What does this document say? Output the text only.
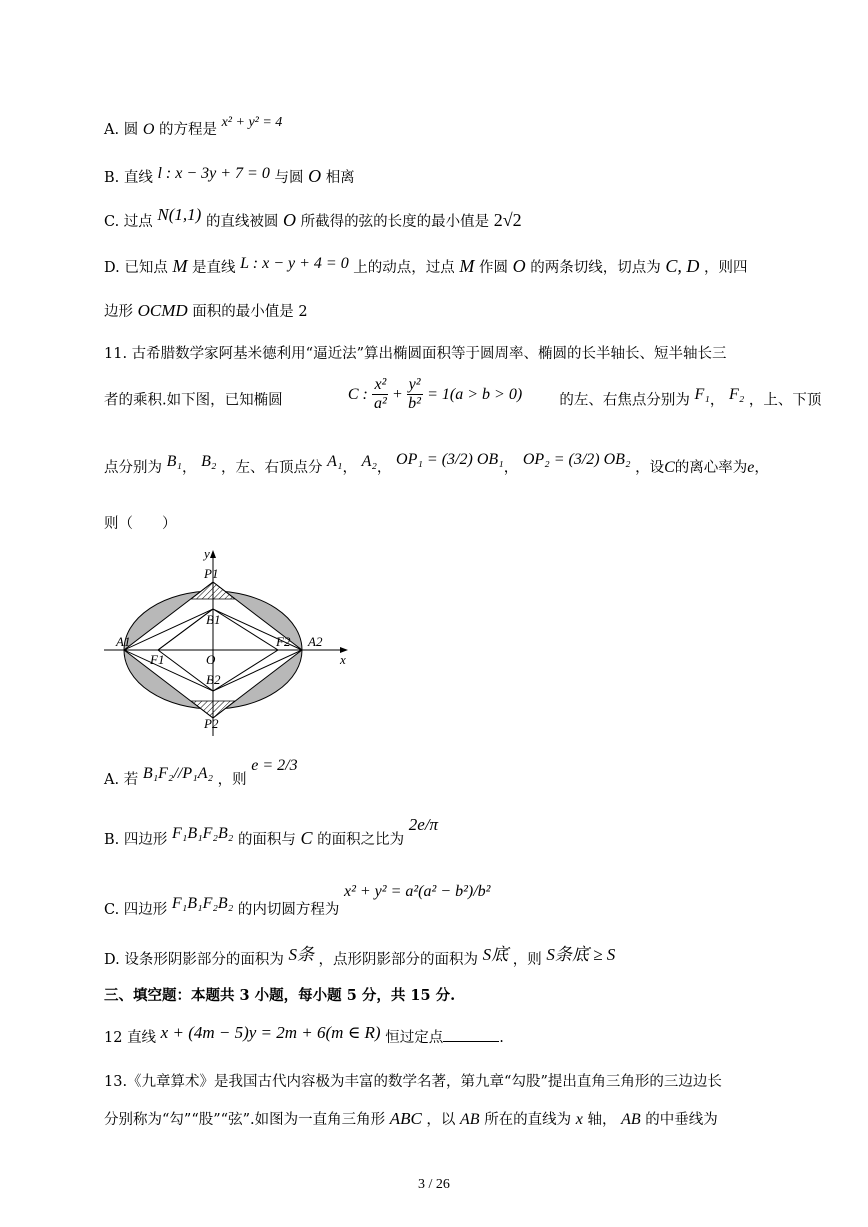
A. 圆 O 的方程是 x² + y² = 4
B. 直线 l : x − 3y + 7 = 0 与圆 O 相离
C. 过点 N(1,1) 的直线被圆 O 所截得的弦的长度的最小值是 2√2
D. 已知点 M 是直线 L : x − y + 4 = 0 上的动点，过点 M 作圆 O 的两条切线，切点为 C, D ，则四
边形 OCMD 面积的最小值是 2
11. 古希腊数学家阿基米德利用“逼近法”算出椭圆面积等于圆周率、椭圆的长半轴长、短半轴长三
者的乘积.如下图，已知椭圆	C : $\frac{\text{x²}}{\text{a²}} + \frac{\text{y²}}{\text{b²}} = 1(a > b > 0)$	的左、右焦点分别为 F₁， F₂ ，上、下顶
点分别为 B₁， B₂ ，左、右顶点分 A₁， A₂， OP₁ = (3/2) OB₁， OP₂ = (3/2) OB₂ ，设C的离心率为e，
则（　　）
y
x
P1
P2
B1
B2
A1	A2
F1
F2
O
A. 若 B₁F₂//P₁A₂ ，则 e = 2/3
B. 四边形 F₁B₁F₂B₂ 的面积与 C 的面积之比为 2e/π
C. 四边形 F₁B₁F₂B₂ 的内切圆方程为 x² + y² = a²(a² − b²)/b²
D. 设条形阴影部分的面积为 S条 ，点形阴影部分的面积为 S底 ，则 S条底 ≥ S
三、填空题：本题共 3 小题，每小题 5 分，共 15 分.
12 直线 x + (4m − 5)y = 2m + 6(m ∈ R) 恒过定点	.
13.《九章算术》是我国古代内容极为丰富的数学名著，第九章“勾股”提出直角三角形的三边边长
分别称为“勾”“股”“弦”.如图为一直角三角形 ABC ，以 AB 所在的直线为 x 轴， AB 的中垂线为
3 / 26
